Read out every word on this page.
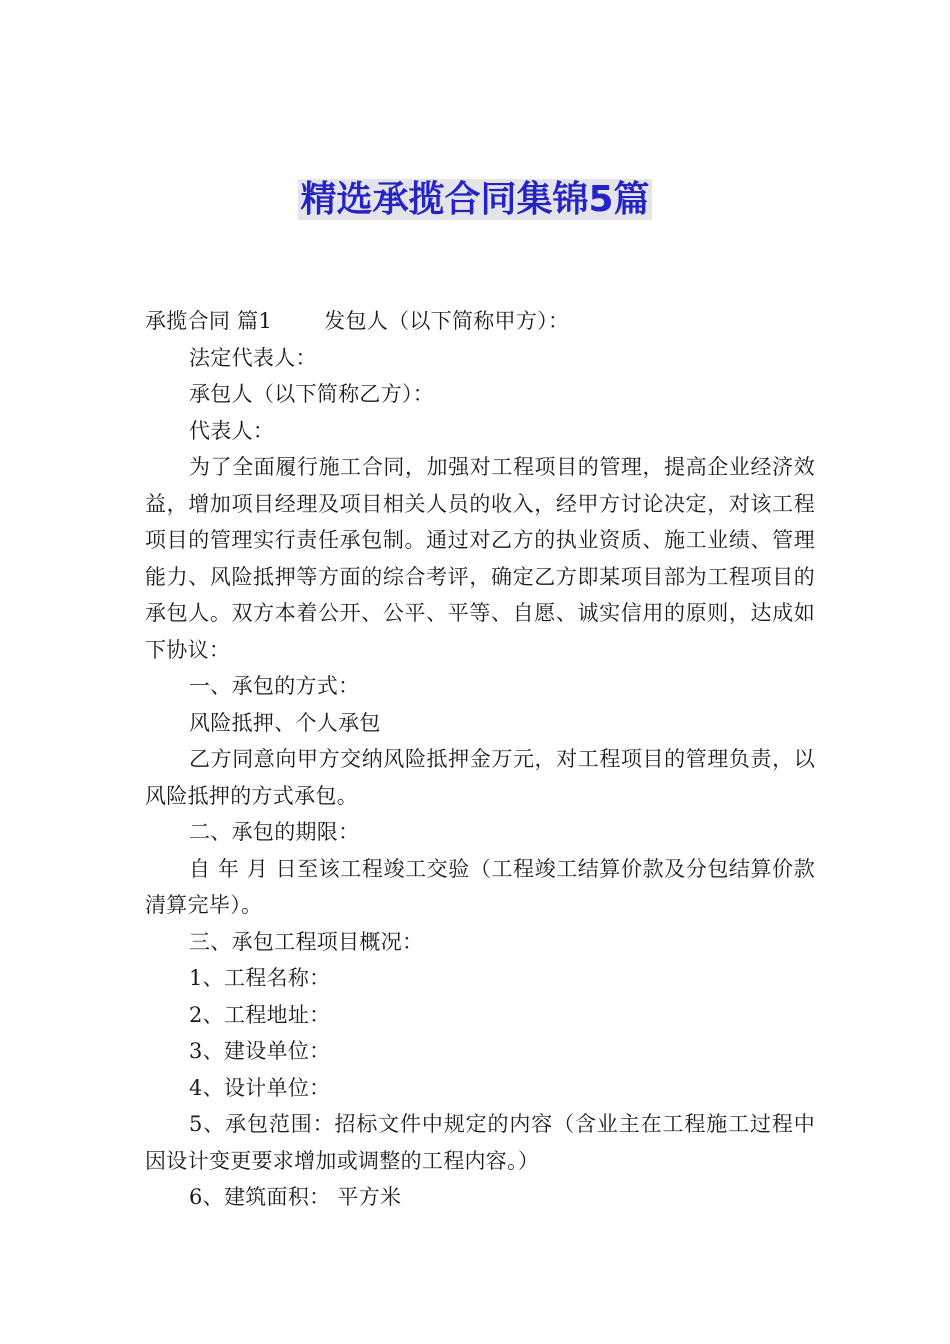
精选承揽合同集锦5篇

承揽合同 篇1 发包人（以下简称甲方）：

法定代表人：

承包人（以下简称乙方）：

代表人：

为了全面履行施工合同，加强对工程项目的管理，提高企业经济效益，增加项目经理及项目相关人员的收入，经甲方讨论决定，对该工程项目的管理实行责任承包制。通过对乙方的执业资质、施工业绩、管理能力、风险抵押等方面的综合考评，确定乙方即某项目部为工程项目的承包人。双方本着公开、公平、平等、自愿、诚实信用的原则，达成如下协议：

一、承包的方式：

风险抵押、个人承包

乙方同意向甲方交纳风险抵押金万元，对工程项目的管理负责，以风险抵押的方式承包。

二、承包的期限：

自 年 月 日至该工程竣工交验（工程竣工结算价款及分包结算价款清算完毕）。

三、承包工程项目概况：

1、工程名称：

2、工程地址：

3、建设单位：

4、设计单位：

5、承包范围：招标文件中规定的内容（含业主在工程施工过程中因设计变更要求增加或调整的工程内容。）

6、建筑面积： 平方米
